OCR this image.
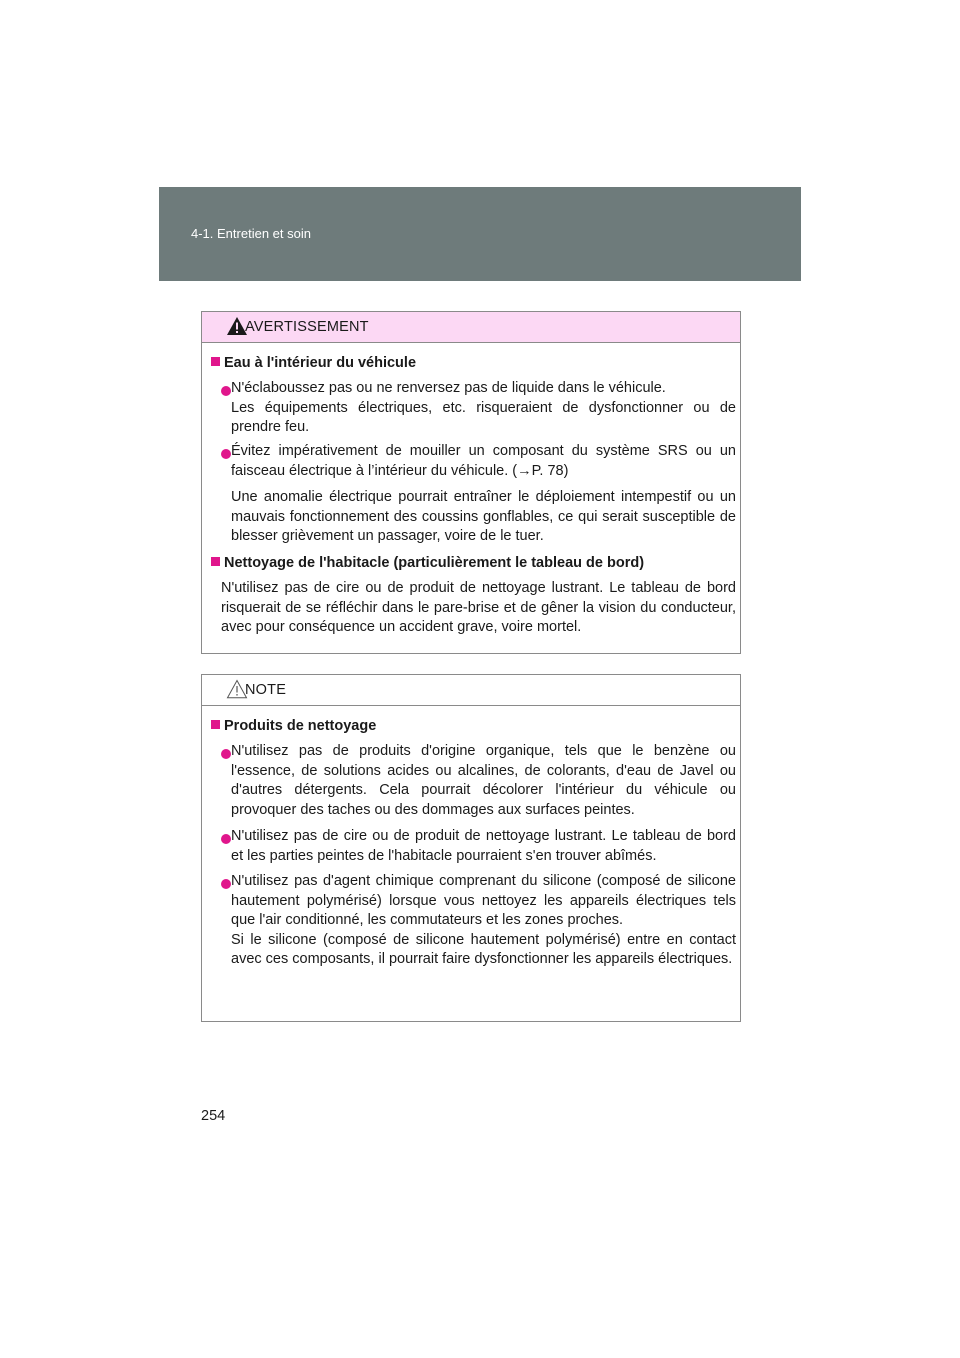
4-1. Entretien et soin
AVERTISSEMENT
Eau à l'intérieur du véhicule
N'éclaboussez pas ou ne renversez pas de liquide dans le véhicule.
Les équipements électriques, etc. risqueraient de dysfonctionner ou de prendre feu.
Évitez impérativement de mouiller un composant du système SRS ou un faisceau électrique à l’intérieur du véhicule. (→P. 78)
Une anomalie électrique pourrait entraîner le déploiement intempestif ou un mauvais fonctionnement des coussins gonflables, ce qui serait susceptible de blesser grièvement un passager, voire de le tuer.
Nettoyage de l'habitacle (particulièrement le tableau de bord)
N'utilisez pas de cire ou de produit de nettoyage lustrant. Le tableau de bord risquerait de se réfléchir dans le pare-brise et de gêner la vision du conducteur, avec pour conséquence un accident grave, voire mortel.
NOTE
Produits de nettoyage
N'utilisez pas de produits d'origine organique, tels que le benzène ou l'essence, de solutions acides ou alcalines, de colorants, d'eau de Javel ou d'autres détergents. Cela pourrait décolorer l'intérieur du véhicule ou provoquer des taches ou des dommages aux surfaces peintes.
N'utilisez pas de cire ou de produit de nettoyage lustrant. Le tableau de bord et les parties peintes de l'habitacle pourraient s'en trouver abîmés.
N'utilisez pas d'agent chimique comprenant du silicone (composé de silicone hautement polymérisé) lorsque vous nettoyez les appareils électriques tels que l'air conditionné, les commutateurs et les zones proches.
Si le silicone (composé de silicone hautement polymérisé) entre en contact avec ces composants, il pourrait faire dysfonctionner les appareils électriques.
254
